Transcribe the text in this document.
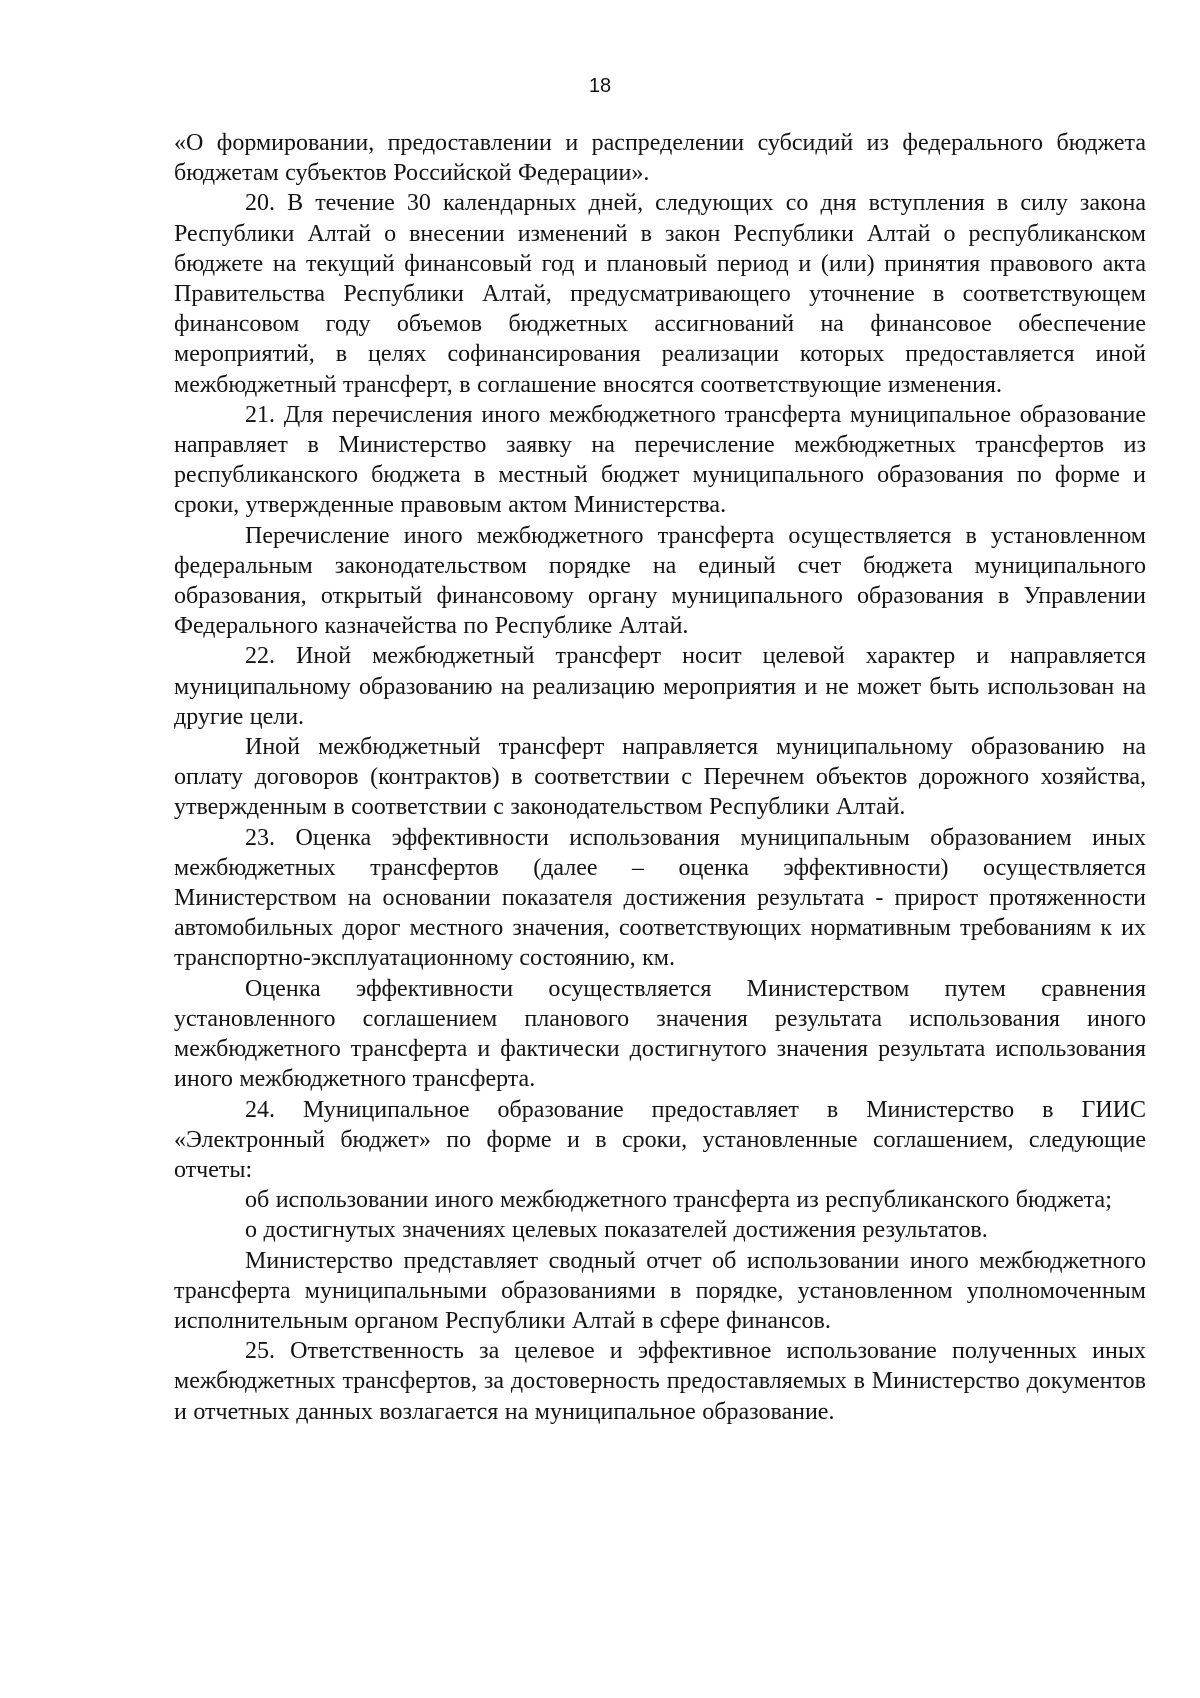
18

«О формировании, предоставлении и распределении субсидий из федерального бюджета бюджетам субъектов Российской Федерации».

20. В течение 30 календарных дней, следующих со дня вступления в силу закона Республики Алтай о внесении изменений в закон Республики Алтай о республиканском бюджете на текущий финансовый год и плановый период и (или) принятия правового акта Правительства Республики Алтай, предусматривающего уточнение в соответствующем финансовом году объемов бюджетных ассигнований на финансовое обеспечение мероприятий, в целях софинансирования реализации которых предоставляется иной межбюджетный трансферт, в соглашение вносятся соответствующие изменения.

21. Для перечисления иного межбюджетного трансферта муниципальное образование направляет в Министерство заявку на перечисление межбюджетных трансфертов из республиканского бюджета в местный бюджет муниципального образования по форме и сроки, утвержденные правовым актом Министерства.

Перечисление иного межбюджетного трансферта осуществляется в установленном федеральным законодательством порядке на единый счет бюджета муниципального образования, открытый финансовому органу муниципального образования в Управлении Федерального казначейства по Республике Алтай.

22. Иной межбюджетный трансферт носит целевой характер и направляется муниципальному образованию на реализацию мероприятия и не может быть использован на другие цели.

Иной межбюджетный трансферт направляется муниципальному образованию на оплату договоров (контрактов) в соответствии с Перечнем объектов дорожного хозяйства, утвержденным в соответствии с законодательством Республики Алтай.

23. Оценка эффективности использования муниципальным образованием иных межбюджетных трансфертов (далее – оценка эффективности) осуществляется Министерством на основании показателя достижения результата - прирост протяженности автомобильных дорог местного значения, соответствующих нормативным требованиям к их транспортно-эксплуатационному состоянию, км.

Оценка эффективности осуществляется Министерством путем сравнения установленного соглашением планового значения результата использования иного межбюджетного трансферта и фактически достигнутого значения результата использования иного межбюджетного трансферта.

24. Муниципальное образование предоставляет в Министерство в ГИИС «Электронный бюджет» по форме и в сроки, установленные соглашением, следующие отчеты:

об использовании иного межбюджетного трансферта из республиканского бюджета;

о достигнутых значениях целевых показателей достижения результатов.

Министерство представляет сводный отчет об использовании иного межбюджетного трансферта муниципальными образованиями в порядке, установленном уполномоченным исполнительным органом Республики Алтай в сфере финансов.

25. Ответственность за целевое и эффективное использование полученных иных межбюджетных трансфертов, за достоверность предоставляемых в Министерство документов и отчетных данных возлагается на муниципальное образование.
